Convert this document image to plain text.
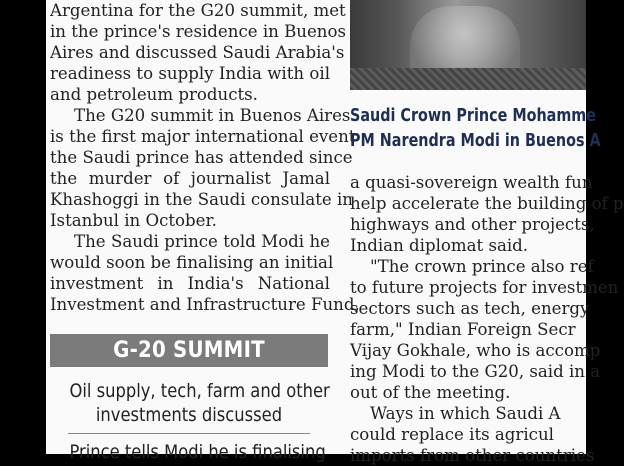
Argentina for the G20 summit, met
in the prince's residence in Buenos
Aires and discussed Saudi Arabia's
readiness to supply India with oil
and petroleum products.
The G20 summit in Buenos Aires
is the first major international event
the Saudi prince has attended since
the murder of journalist Jamal
Khashoggi in the Saudi consulate in
Istanbul in October.
The Saudi prince told Modi he
would soon be finalising an initial
investment in India's National
Investment and Infrastructure Fund,
G-20 SUMMIT
Oil supply, tech, farm and other
investments discussed
Prince tells Modi he is finalising
Saudi Crown Prince Mohamme
PM Narendra Modi in Buenos A
a quasi-sovereign wealth fun
help accelerate the building of p
highways and other projects,
Indian diplomat said.
"The crown prince also ref
to future projects for investmen
sectors such as tech, energy
farm," Indian Foreign Secr
Vijay Gokhale, who is accomp
ing Modi to the G20, said in a
out of the meeting.
Ways in which Saudi A
could replace its agricul
imports from other countries
